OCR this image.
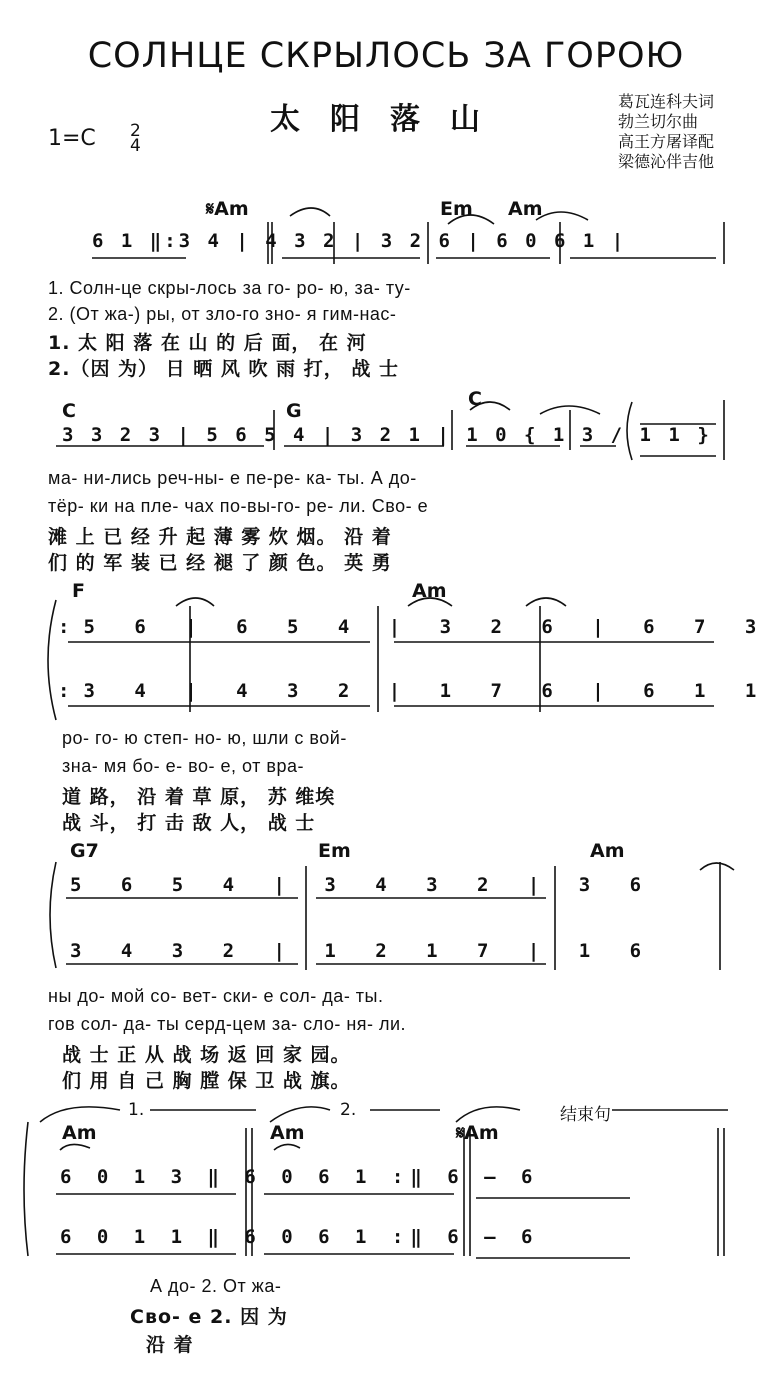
СОЛНЦЕ СКРЫЛОСЬ ЗА ГОРОЮ
太阳落山
葛瓦连科夫词
勃兰切尔曲
高王方屠译配
梁德沁伴吉他
1=C 2
4
𝄋Am	Em Am
6 1 ‖:3 4 | 4 3 2 | 3 2 6 | 6 0 6 1 |
1. Солн-це скры-лось за го- ро- ю, за- ту-
2. (От жа-) ры, от зло-го зно- я гим-нас-
1. 太 阳 落 在 山 的 后 面， 在 河
2.（因 为） 日 晒 风 吹 雨 打， 战 士
C	G
C
3 3 2 3 | 5 6 5 4 | 3 2 1 | 1 0 { 1 3 / 1 1 }
ма- ни-лись реч-ны- е пе-ре- ка- ты. А до-
тёр- ки на пле- чах по-вы-го- ре- ли. Сво- е
滩 上 已 经 升 起 薄 雾 炊 烟。 沿 着
们 的 军 装 已 经 褪 了 颜 色。 英 勇
F	Am
:5 6 | 6 5 4 | 3 2 6 | 6 7 3
:3 4 | 4 3 2 | 1 7 6 | 6 1 1
ро- го- ю степ- но- ю, шли с вой-
зна- мя бо- е- во- е, от вра-
道 路， 沿 着 草 原， 苏 维埃
战 斗， 打 击 敌 人， 战 士
G7	Em	Am
5 6 5 4 | 3 4 3 2 | 3 6
3 4 3 2 | 1 2 1 7 | 1 6
ны до- мой со- вет- ски- е сол- да- ты.
гов сол- да- ты серд-цем за- сло- ня- ли.
战 士 正 从 战 场 返 回 家 园。
们 用 自 己 胸 膛 保 卫 战 旗。
1.	2.	结束句
Am	Am	𝄋Am
6 0 1 3 ‖ 6 0 6 1 :‖ 6 — 6
6 0 1 1 ‖ 6 0 6 1 :‖ 6 — 6
А до- 2. От жа-
Сво- е 2. 因 为
沿 着
